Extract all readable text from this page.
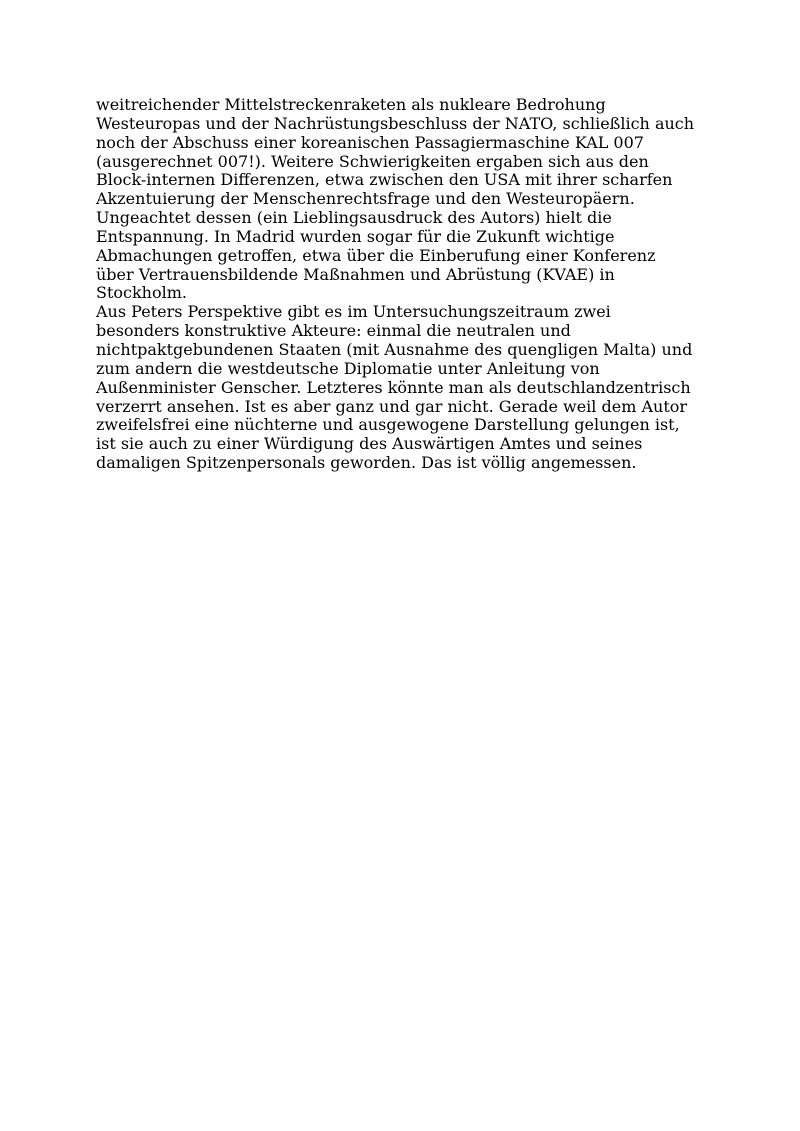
weitreichender Mittelstreckenraketen als nukleare Bedrohung
Westeuropas und der Nachrüstungsbeschluss der NATO, schließlich auch
noch der Abschuss einer koreanischen Passagiermaschine KAL 007
(ausgerechnet 007!). Weitere Schwierigkeiten ergaben sich aus den
Block-internen Differenzen, etwa zwischen den USA mit ihrer scharfen
Akzentuierung der Menschenrechtsfrage und den Westeuropäern.
Ungeachtet dessen (ein Lieblingsausdruck des Autors) hielt die
Entspannung. In Madrid wurden sogar für die Zukunft wichtige
Abmachungen getroffen, etwa über die Einberufung einer Konferenz
über Vertrauensbildende Maßnahmen und Abrüstung (KVAE) in
Stockholm.
Aus Peters Perspektive gibt es im Untersuchungszeitraum zwei
besonders konstruktive Akteure: einmal die neutralen und
nichtpaktgebundenen Staaten (mit Ausnahme des quengligen Malta) und
zum andern die westdeutsche Diplomatie unter Anleitung von
Außenminister Genscher. Letzteres könnte man als deutschlandzentrisch
verzerrt ansehen. Ist es aber ganz und gar nicht. Gerade weil dem Autor
zweifelsfrei eine nüchterne und ausgewogene Darstellung gelungen ist,
ist sie auch zu einer Würdigung des Auswärtigen Amtes und seines
damaligen Spitzenpersonals geworden. Das ist völlig angemessen.
